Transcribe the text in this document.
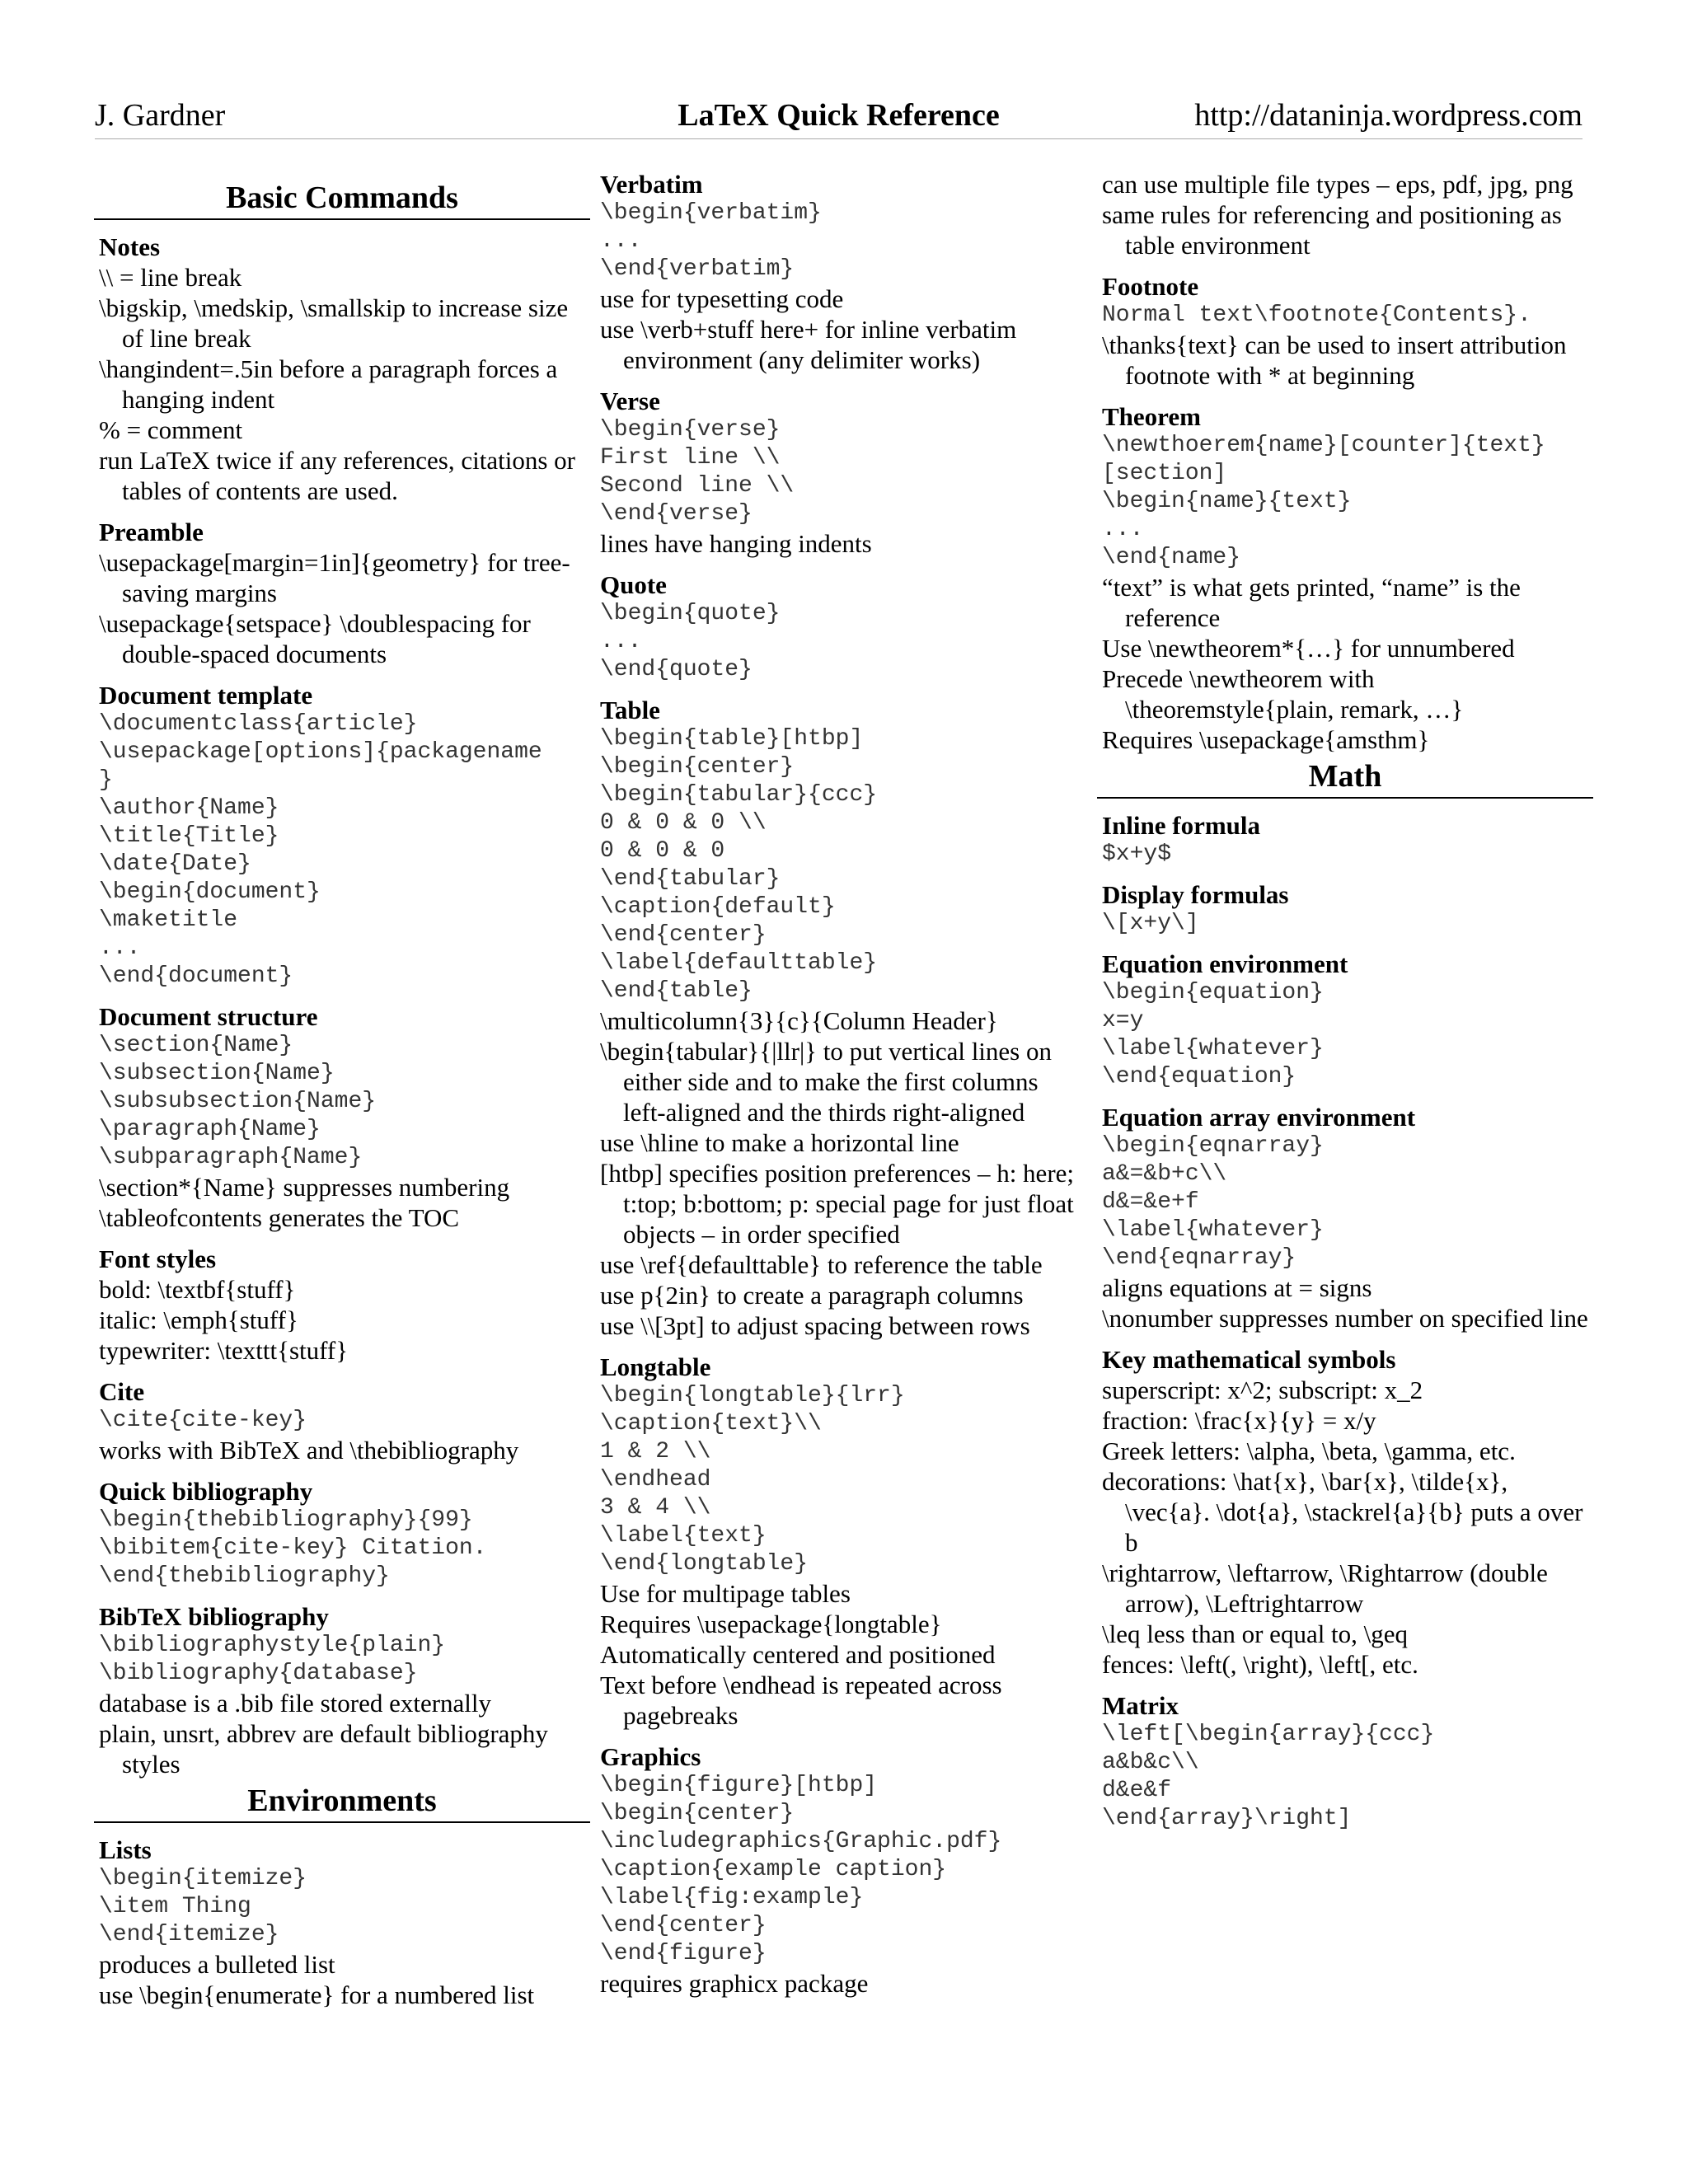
J. Gardner	LaTeX Quick Reference	http://dataninja.wordpress.com
Basic Commands
Notes
\\ = line break
\bigskip, \medskip, \smallskip to increase size of line break
\hangindent=.5in before a paragraph forces a hanging indent
% = comment
run LaTeX twice if any references, citations or tables of contents are used.
Preamble
\usepackage[margin=1in]{geometry} for tree-saving margins
\usepackage{setspace} \doublespacing for double-spaced documents
Document template
\documentclass{article}
\usepackage[options]{packagename
}
\author{Name}
\title{Title}
\date{Date}
\begin{document}
\maketitle
...
\end{document}
Document structure
\section{Name}
\subsection{Name}
\subsubsection{Name}
\paragraph{Name}
\subparagraph{Name}
\section*{Name} suppresses numbering
\tableofcontents generates the TOC
Font styles
bold: \textbf{stuff}
italic: \emph{stuff}
typewriter: \texttt{stuff}
Cite
\cite{cite-key}
works with BibTeX and \thebibliography
Quick bibliography
\begin{thebibliography}{99}
\bibitem{cite-key} Citation.
\end{thebibliography}
BibTeX bibliography
\bibliographystyle{plain}
\bibliography{database}
database is a .bib file stored externally
plain, unsrt, abbrev are default bibliography styles
Environments
Lists
\begin{itemize}
\item Thing
\end{itemize}
produces a bulleted list
use \begin{enumerate} for a numbered list
Verbatim
\begin{verbatim}
...
\end{verbatim}
use for typesetting code
use \verb+stuff here+ for inline verbatim environment (any delimiter works)
Verse
\begin{verse}
First line \\
Second line \\
\end{verse}
lines have hanging indents
Quote
\begin{quote}
...
\end{quote}
Table
\begin{table}[htbp]
\begin{center}
\begin{tabular}{ccc}
0 & 0 & 0 \\
0 & 0 & 0
\end{tabular}
\caption{default}
\end{center}
\label{defaulttable}
\end{table}
\multicolumn{3}{c}{Column Header}
\begin{tabular}{|llr|} to put vertical lines on either side and to make the first columns left-aligned and the thirds right-aligned
use \hline to make a horizontal line
[htbp] specifies position preferences – h: here; t:top; b:bottom; p: special page for just float objects – in order specified
use \ref{defaulttable} to reference the table
use p{2in} to create a paragraph columns
use \\[3pt] to adjust spacing between rows
Longtable
\begin{longtable}{lrr}
\caption{text}\\
1 & 2 \\
\endhead
3 & 4 \\
\label{text}
\end{longtable}
Use for multipage tables
Requires \usepackage{longtable}
Automatically centered and positioned
Text before \endhead is repeated across pagebreaks
Graphics
\begin{figure}[htbp]
\begin{center}
\includegraphics{Graphic.pdf}
\caption{example caption}
\label{fig:example}
\end{center}
\end{figure}
requires graphicx package
can use multiple file types – eps, pdf, jpg, png
same rules for referencing and positioning as table environment
Footnote
Normal text\footnote{Contents}.
\thanks{text} can be used to insert attribution footnote with * at beginning
Theorem
\newthoerem{name}[counter]{text}
[section]
\begin{name}{text}
...
\end{name}
“text” is what gets printed, “name” is the reference
Use \newtheorem*{…} for unnumbered
Precede \newtheorem with \theoremstyle{plain, remark, …}
Requires \usepackage{amsthm}
Math
Inline formula
$x+y$
Display formulas
\[x+y\]
Equation environment
\begin{equation}
x=y
\label{whatever}
\end{equation}
Equation array environment
\begin{eqnarray}
a&=&b+c\\
d&=&e+f
\label{whatever}
\end{eqnarray}
aligns equations at = signs
\nonumber suppresses number on specified line
Key mathematical symbols
superscript: x^2; subscript: x_2
fraction: \frac{x}{y} = x/y
Greek letters: \alpha, \beta, \gamma, etc.
decorations: \hat{x}, \bar{x}, \tilde{x}, \vec{a}. \dot{a}, \stackrel{a}{b} puts a over b
\rightarrow, \leftarrow, \Rightarrow (double arrow), \Leftrightarrow
\leq less than or equal to, \geq
fences: \left(, \right), \left[, etc.
Matrix
\left[\begin{array}{ccc}
a&b&c\\
d&e&f
\end{array}\right]
